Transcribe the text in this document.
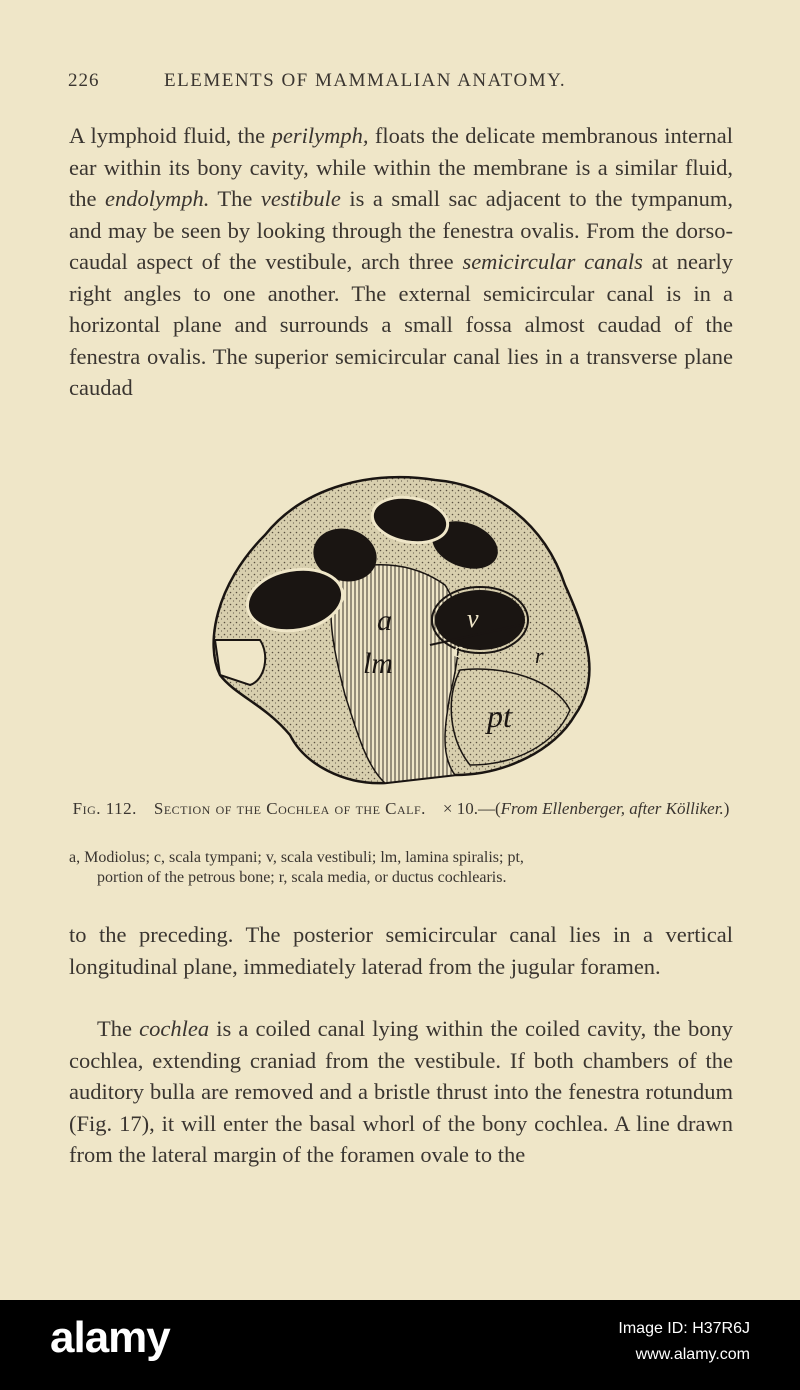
226	ELEMENTS OF MAMMALIAN ANATOMY.

A lymphoid fluid, the perilymph, floats the delicate membranous internal ear within its bony cavity, while within the membrane is a similar fluid, the endolymph. The vestibule is a small sac adjacent to the tympanum, and may be seen by looking through the fenestra ovalis. From the dorso-caudal aspect of the vestibule, arch three semicircular canals at nearly right angles to one another. The external semicircular canal is in a horizontal plane and surrounds a small fossa almost caudad of the fenestra ovalis. The superior semicircular canal lies in a transverse plane caudad

a
lm
v
c	r
pt
Fig. 112. Section of the Cochlea of the Calf. × 10.—(From Ellenberger, after Kölliker.)
a, Modiolus; c, scala tympani; v, scala vestibuli; lm, lamina spiralis; pt,
portion of the petrous bone; r, scala media, or ductus cochlearis.

to the preceding. The posterior semicircular canal lies in a vertical longitudinal plane, immediately laterad from the jugular foramen.

The cochlea is a coiled canal lying within the coiled cavity, the bony cochlea, extending craniad from the vestibule. If both chambers of the auditory bulla are removed and a bristle thrust into the fenestra rotundum (Fig. 17), it will enter the basal whorl of the bony cochlea. A line drawn from the lateral margin of the foramen ovale to the

alamy	Image ID: H37R6J
www.alamy.com
